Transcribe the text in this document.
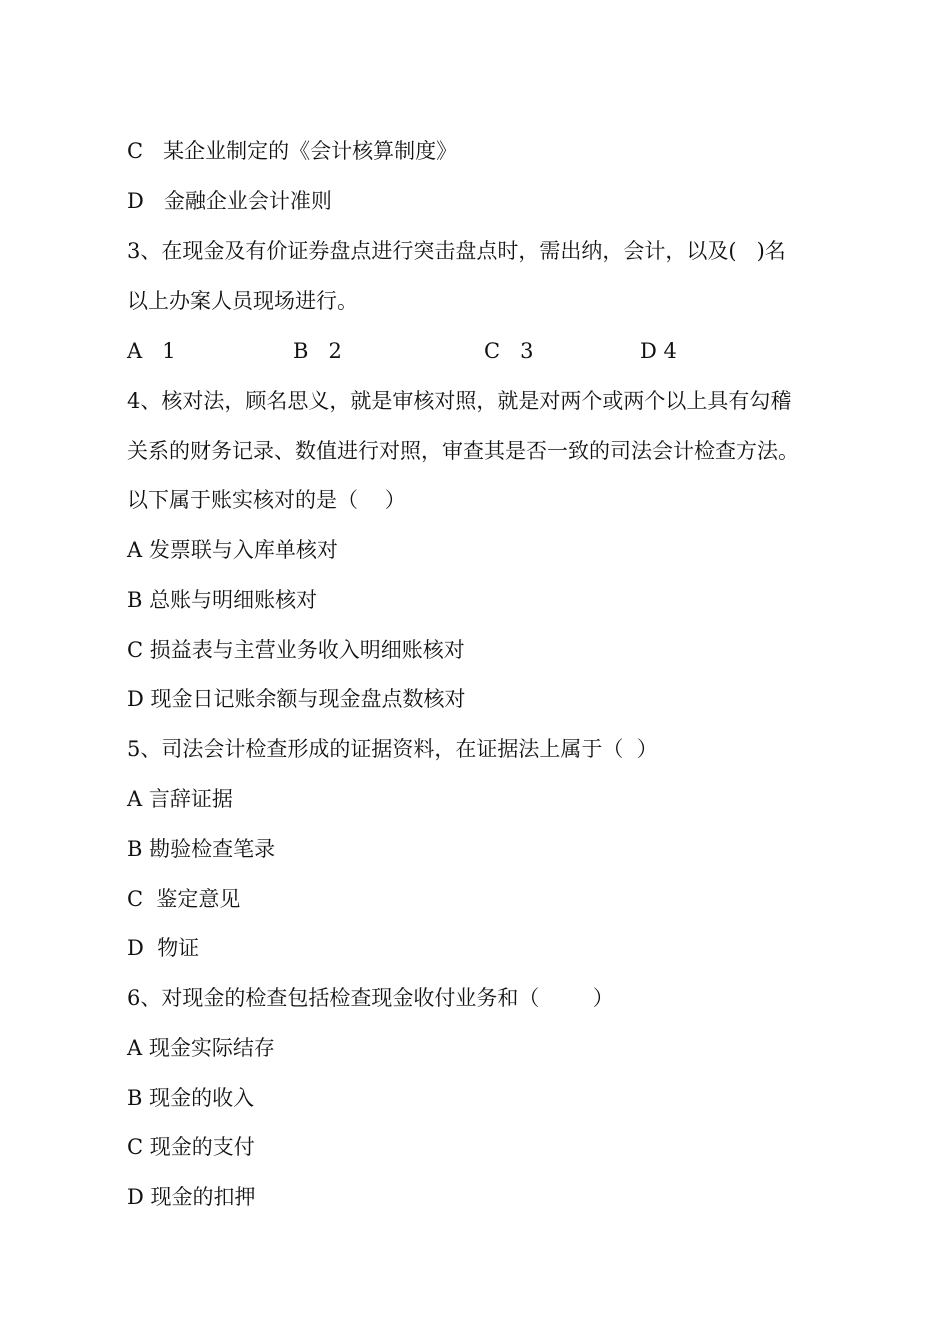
C   某企业制定的《会计核算制度》
D   金融企业会计准则
3、在现金及有价证券盘点进行突击盘点时，需出纳，会计，以及(   )名
以上办案人员现场进行。
A   1	B   2	C   3	D 4
4、核对法，顾名思义，就是审核对照，就是对两个或两个以上具有勾稽
关系的财务记录、数值进行对照，审查其是否一致的司法会计检查方法。
以下属于账实核对的是（    ）
A 发票联与入库单核对
B 总账与明细账核对
C 损益表与主营业务收入明细账核对
D 现金日记账余额与现金盘点数核对
5、司法会计检查形成的证据资料，在证据法上属于（  ）
A 言辞证据
B 勘验检查笔录
C  鉴定意见
D  物证
6、对现金的检查包括检查现金收付业务和（        ）
A 现金实际结存
B 现金的收入
C 现金的支付
D 现金的扣押
